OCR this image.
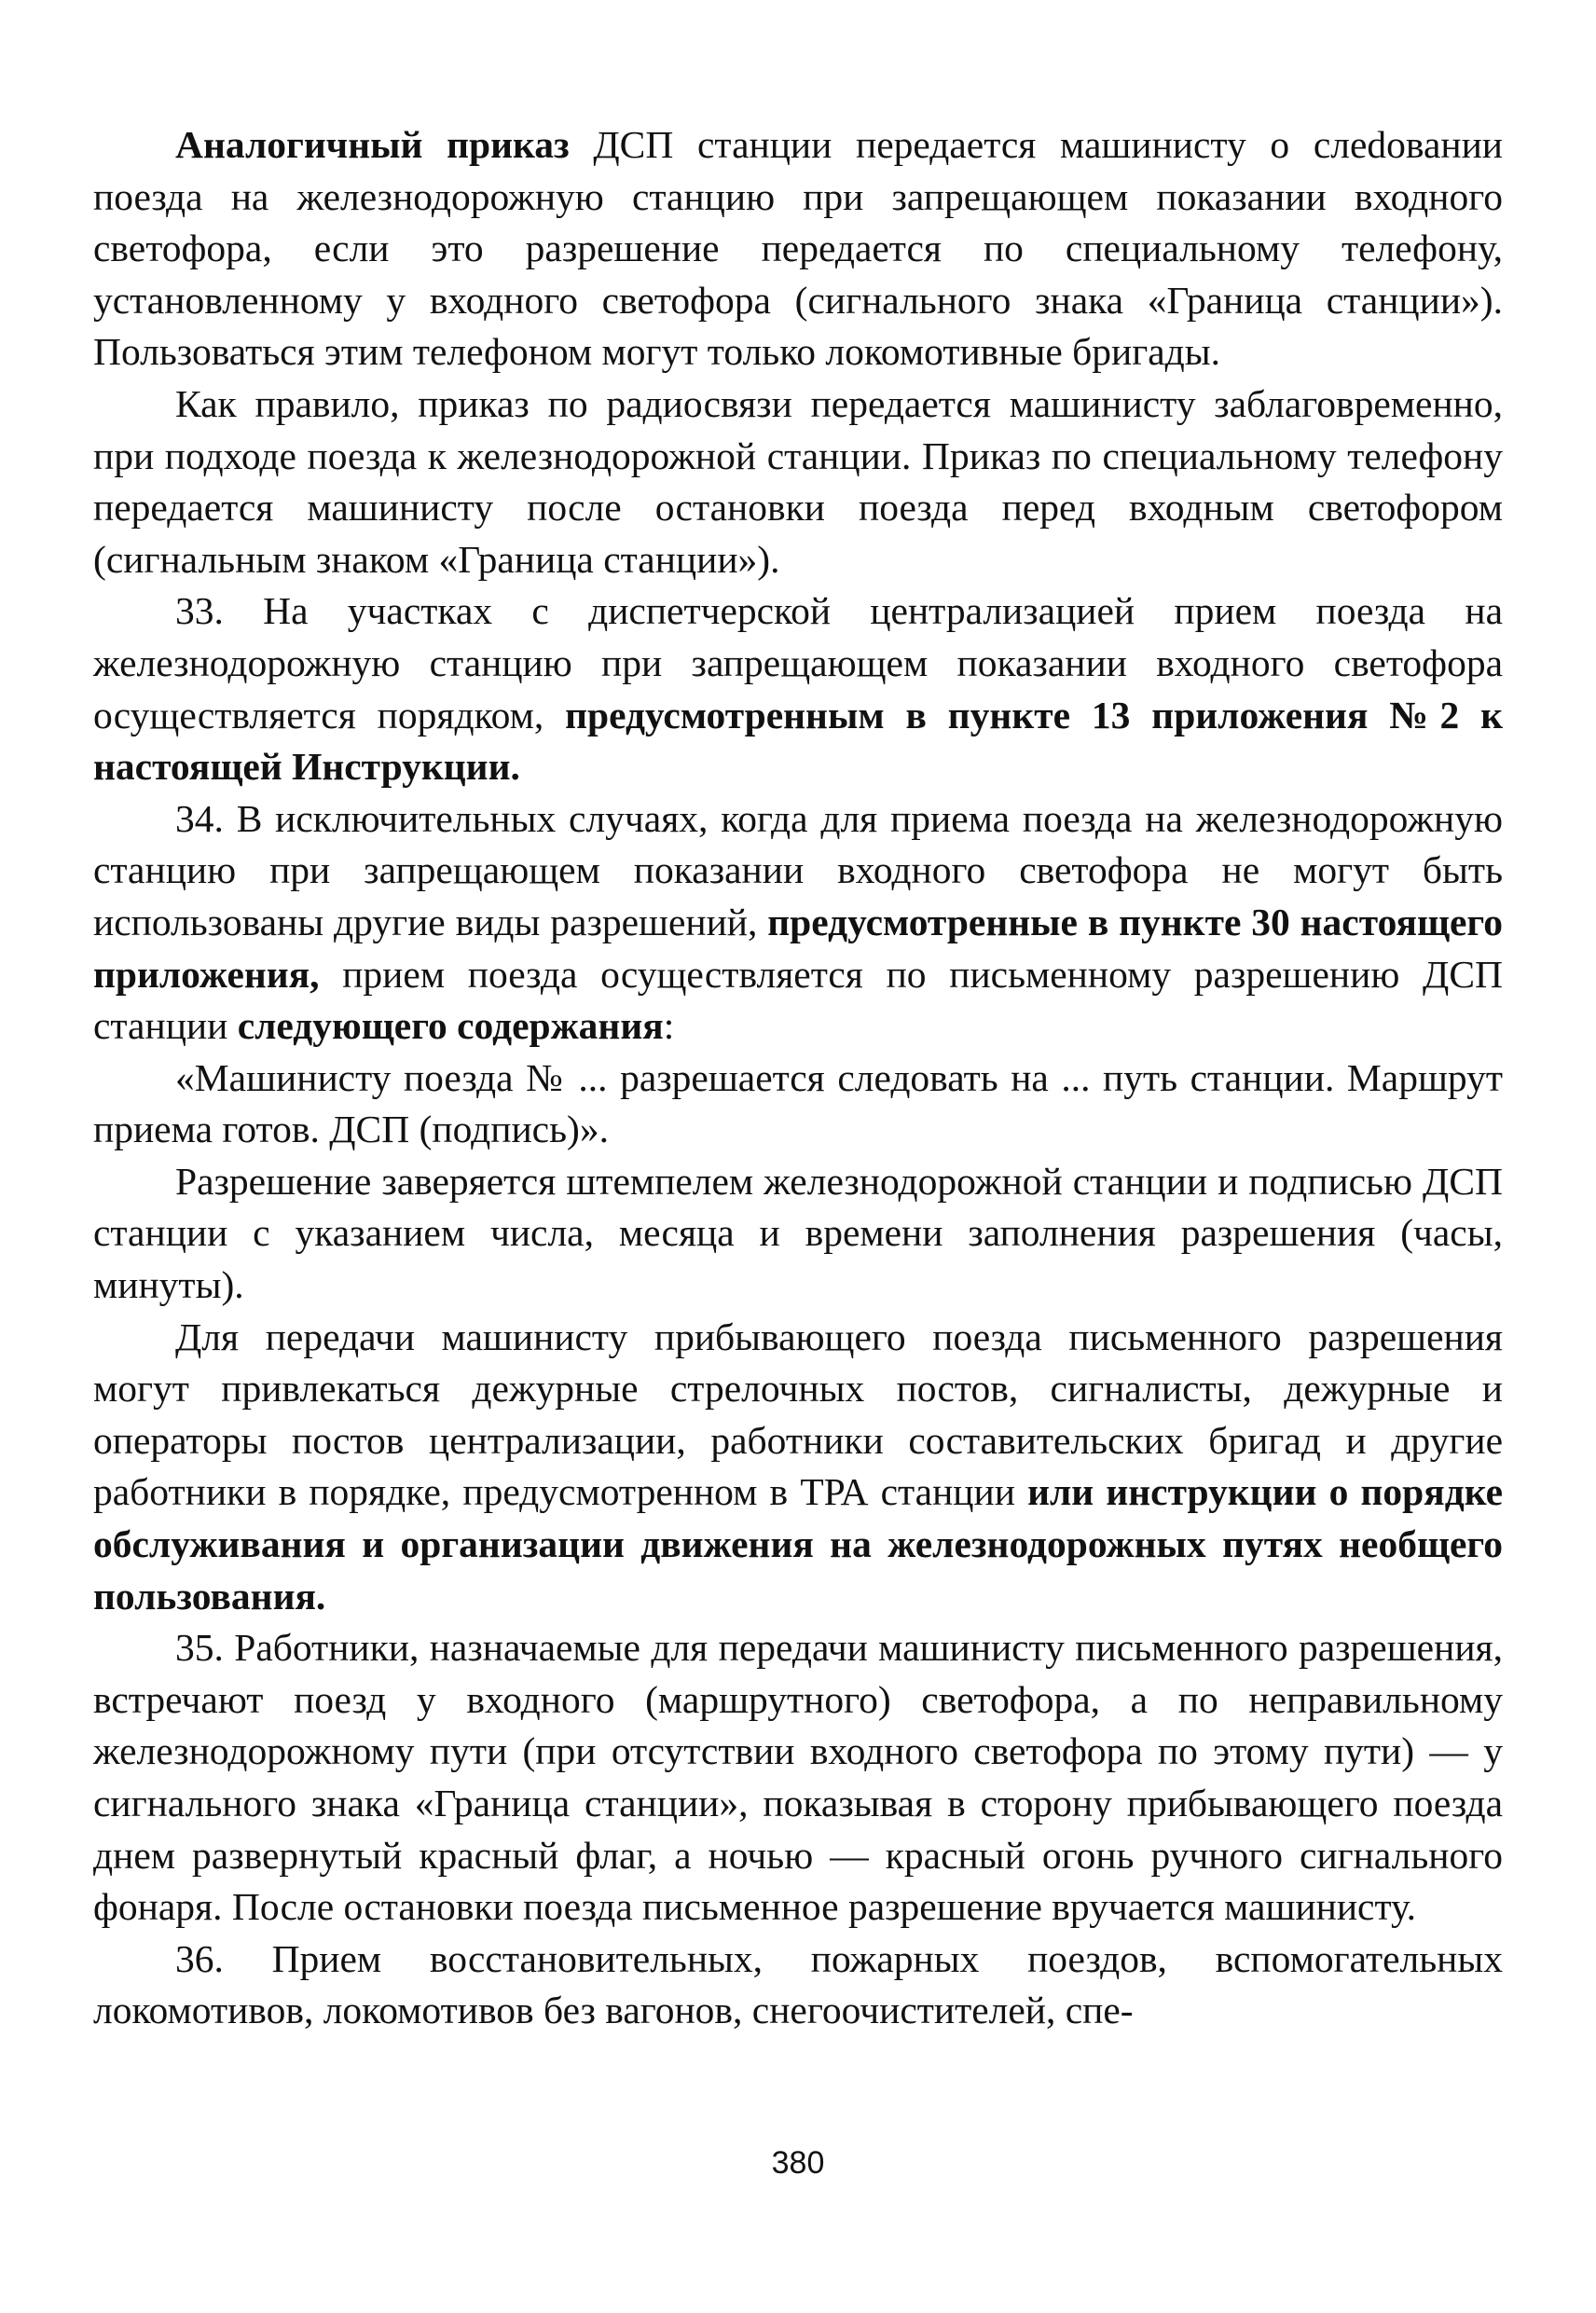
Аналогичный приказ ДСП станции передается машинисту о слеdовании поезда на железнодорожную станцию при запрещающем показании входного светофора, если это разрешение передается по специальному телефону, установленному у входного светофора (сигнального знака «Граница станции»). Пользоваться этим телефоном могут только локомотивные бригады.

Как правило, приказ по радиосвязи передается машинисту заблаговременно, при подходе поезда к железнодорожной станции. Приказ по специальному телефону передается машинисту после остановки поезда перед входным светофором (сигнальным знаком «Граница станции»).

33. На участках с диспетчерской централизацией прием поезда на железнодорожную станцию при запрещающем показании входного светофора осуществляется порядком, предусмотренным в пункте 13 приложения №2 к настоящей Инструкции.

34. В исключительных случаях, когда для приема поезда на железнодорожную станцию при запрещающем показании входного светофора не могут быть использованы другие виды разрешений, предусмотренные в пункте 30 настоящего приложения, прием поезда осуществляется по письменному разрешению ДСП станции следующего содержания:

«Машинисту поезда № ... разрешается следовать на ... путь станции. Маршрут приема готов. ДСП (подпись)».

Разрешение заверяется штемпелем железнодорожной станции и подписью ДСП станции с указанием числа, месяца и времени заполнения разрешения (часы, минуты).

Для передачи машинисту прибывающего поезда письменного разрешения могут привлекаться дежурные стрелочных постов, сигналисты, дежурные и операторы постов централизации, работники составительских бригад и другие работники в порядке, предусмотренном в ТРА станции или инструкции о порядке обслуживания и организации движения на железнодорожных путях необщего пользования.

35. Работники, назначаемые для передачи машинисту письменного разрешения, встречают поезд у входного (маршрутного) светофора, а по неправильному железнодорожному пути (при отсутствии входного светофора по этому пути) — у сигнального знака «Граница станции», показывая в сторону прибывающего поезда днем развернутый красный флаг, а ночью — красный огонь ручного сигнального фонаря. После остановки поезда письменное разрешение вручается машинисту.

36. Прием восстановительных, пожарных поездов, вспомогательных локомотивов, локомотивов без вагонов, снегоочистителей, спе-

380
